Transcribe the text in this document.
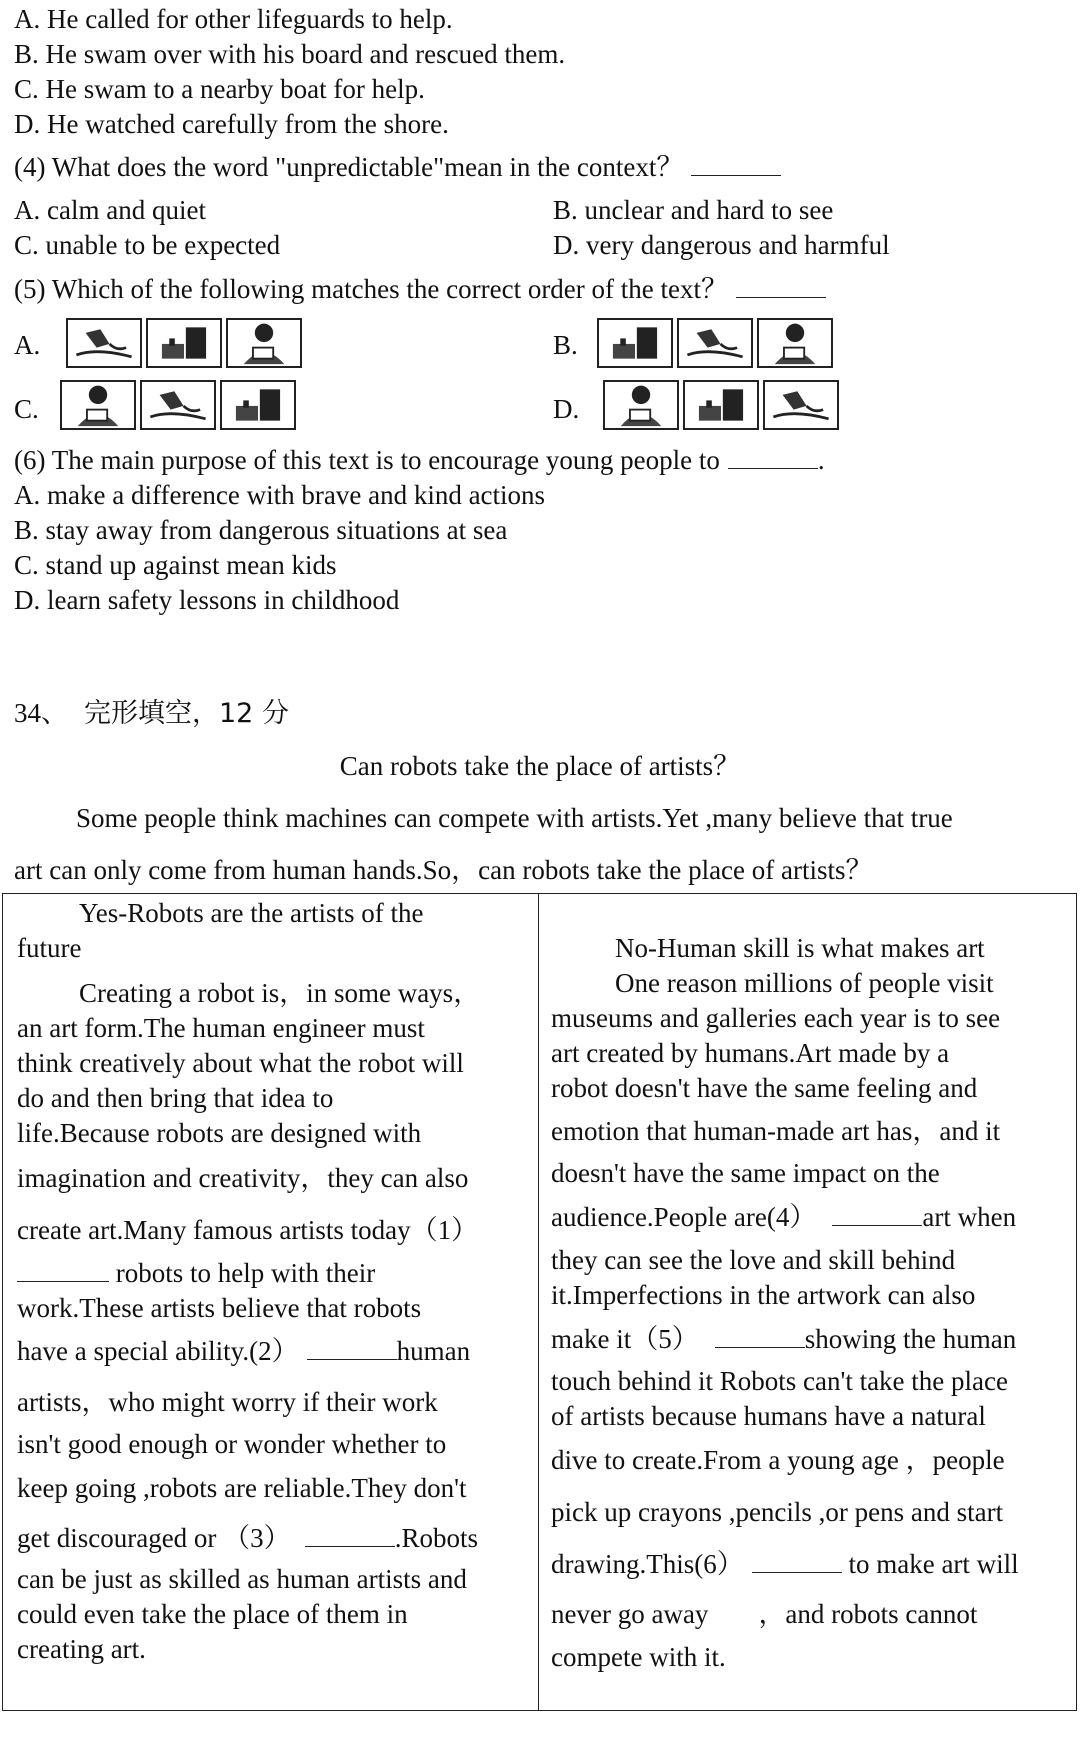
A. He called for other lifeguards to help.
B. He swam over with his board and rescued them.
C. He swam to a nearby boat for help.
D. He watched carefully from the shore.
(4) What does the word "unpredictable"mean in the context？
A. calm and quiet	B. unclear and hard to see
C. unable to be expected	D. very dangerous and harmful
(5) Which of the following matches the correct order of the text？
A.	B.
C.	D.
(6) The main purpose of this text is to encourage young people to	.
A. make a difference with brave and kind actions
B. stay away from dangerous situations at sea
C. stand up against mean kids
D. learn safety lessons in childhood
34、 完形填空，12 分
Can robots take the place of artists？
Some people think machines can compete with artists.Yet ,many believe that true
art can only come from human hands.So，can robots take the place of artists？
Yes-Robots are the artists of the
future
Creating a robot is，in some ways，
an art form.The human engineer must
think creatively about what the robot will
do and then bring that idea to
life.Because robots are designed with
imagination and creativity，they can also
create art.Many famous artists today（1）
robots to help with their
work.These artists believe that robots
have a special ability.(2）	human
artists，who might worry if their work
isn't good enough or wonder whether to
keep going ,robots are reliable.They don't
get discouraged or （3）	.Robots
can be just as skilled as human artists and
could even take the place of them in
creating art.

No-Human skill is what makes art
One reason millions of people visit
museums and galleries each year is to see
art created by humans.Art made by a
robot doesn't have the same feeling and
emotion that human-made art has，and it
doesn't have the same impact on the
audience.People are(4）	art when
they can see the love and skill behind
it.Imperfections in the artwork can also
make it（5）	showing the human
touch behind it Robots can't take the place
of artists because humans have a natural
dive to create.From a young age ，people
pick up crayons ,pencils ,or pens and start
drawing.This(6）	to make art will
never go away ，and robots cannot
compete with it.
